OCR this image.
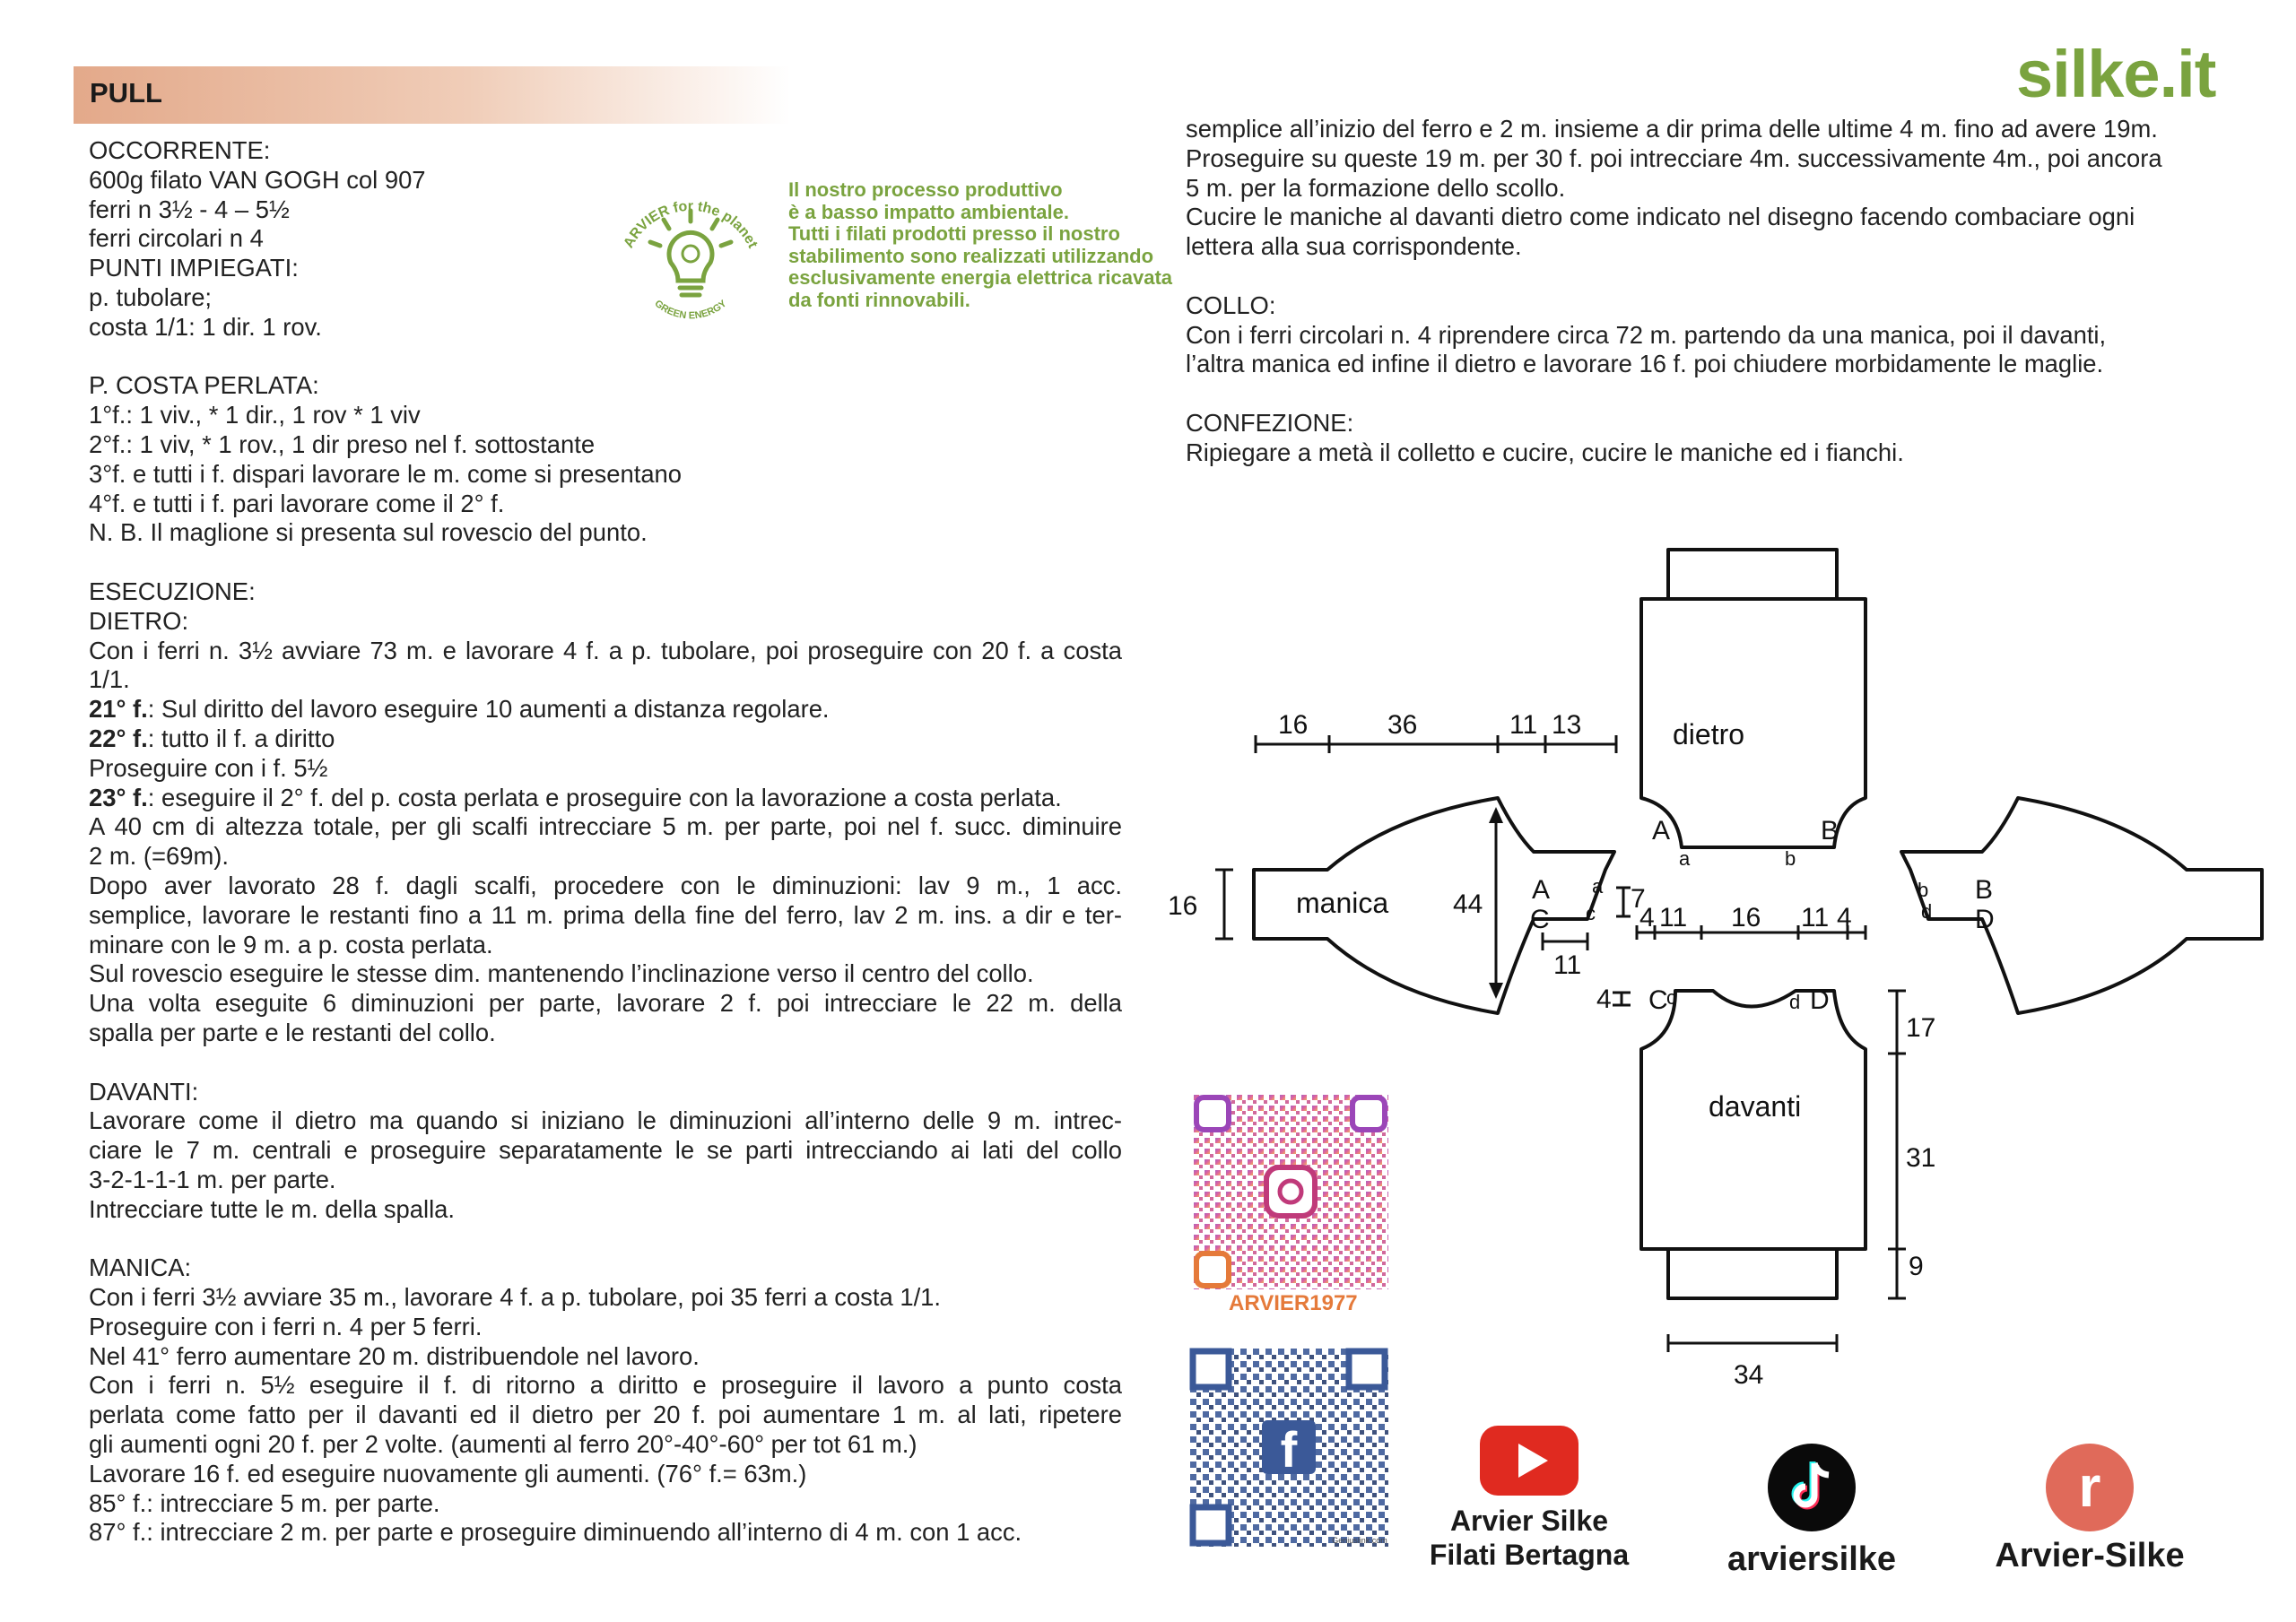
PULL	silke.it
ARVIER for the planet
GREEN ENERGY

Il nostro processo produttivo

è a basso impatto ambientale.

Tutti i filati prodotti presso il nostro

stabilimento sono realizzati utilizzando

esclusivamente energia elettrica ricavata

da fonti rinnovabili.

OCCORRENTE:

600g filato VAN GOGH col 907

ferri n 3½ - 4 – 5½

ferri circolari n 4

PUNTI IMPIEGATI:

p. tubolare;

costa 1/1: 1 dir. 1 rov.

P. COSTA PERLATA:

1°f.: 1 viv., * 1 dir., 1 rov * 1 viv

2°f.: 1 viv, * 1 rov., 1 dir preso nel f. sottostante

3°f. e tutti i f. dispari lavorare le m. come si presentano

4°f. e tutti i f. pari lavorare come il 2° f.

N. B. Il maglione si presenta sul rovescio del punto.

ESECUZIONE:

DIETRO:

Con i ferri n. 3½ avviare 73 m. e lavorare 4 f. a p. tubolare, poi proseguire con 20 f. a costa

1/1.

21° f.: Sul diritto del lavoro eseguire 10 aumenti a distanza regolare.

22° f.: tutto il f. a diritto

Proseguire con i f. 5½

23° f.: eseguire il 2° f. del p. costa perlata e proseguire con la lavorazione a costa perlata.

A 40 cm di altezza totale, per gli scalfi intrecciare 5 m. per parte, poi nel f. succ. diminuire

2 m. (=69m).

Dopo aver lavorato 28 f. dagli scalfi, procedere con le diminuzioni: lav 9 m., 1 acc.

semplice, lavorare le restanti fino a 11 m. prima della fine del ferro, lav 2 m. ins. a dir e ter-

minare con le 9 m. a p. costa perlata.

Sul rovescio eseguire le stesse dim. mantenendo l’inclinazione verso il centro del collo.

Una volta eseguite 6 diminuzioni per parte, lavorare 2 f. poi intrecciare le 22 m. della

spalla per parte e le restanti del collo.

DAVANTI:

Lavorare come il dietro ma quando si iniziano le diminuzioni all’interno delle 9 m. intrec-

ciare le 7 m. centrali e proseguire separatamente le se parti intrecciando ai lati del collo

3-2-1-1-1 m. per parte.

Intrecciare tutte le m. della spalla.

MANICA:

Con i ferri 3½ avviare 35 m., lavorare 4 f. a p. tubolare, poi 35 ferri a costa 1/1.

Proseguire con i ferri n. 4 per 5 ferri.

Nel 41° ferro aumentare 20 m. distribuendole nel lavoro.

Con i ferri n. 5½ eseguire il f. di ritorno a diritto e proseguire il lavoro a punto costa

perlata come fatto per il davanti ed il dietro per 20 f. poi aumentare 1 m. al lati, ripetere

gli aumenti ogni 20 f. per 2 volte. (aumenti al ferro 20°-40°-60° per tot 61 m.)

Lavorare 16 f. ed eseguire nuovamente gli aumenti. (76° f.= 63m.)

85° f.: intrecciare 5 m. per parte.

87° f.: intrecciare 2 m. per parte e proseguire diminuendo all’interno di 4 m. con 1 acc.

semplice all’inizio del ferro e 2 m. insieme a dir prima delle ultime 4 m. fino ad avere 19m.

Proseguire su queste 19 m. per 30 f. poi intrecciare 4m. successivamente 4m., poi ancora

5 m. per la formazione dello scollo.

Cucire le maniche al davanti dietro come indicato nel disegno facendo combaciare ogni

lettera alla sua corrispondente.

COLLO:

Con i ferri circolari n. 4 riprendere circa 72 m. partendo da una manica, poi il davanti,

l’altra manica ed infine il dietro e lavorare 16 f. poi chiudere morbidamente le maglie.

CONFEZIONE:

Ripiegare a metà il colletto e cucire, cucire le maniche ed i fianchi.

dietro
davanti
manica
16	36	11 13
16	44
11
7
4 11 16 11 4
4
17
31
9
34
A	B
A
C
B
D
C	D
a	b
a
c
b
d
c	d
ARVIER1977
f
Geniuslink.com
Arvier Silke
Filati Bertagna	arviersilke
r
Arvier-Silke
